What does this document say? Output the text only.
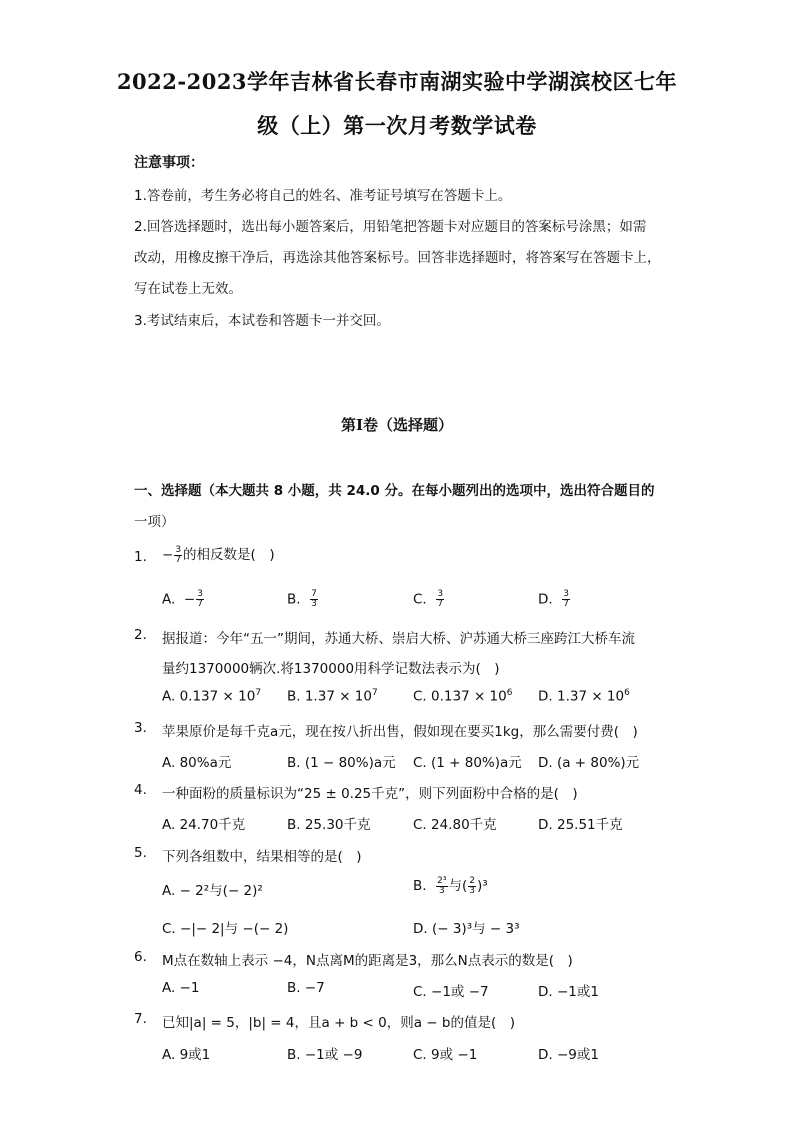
2022-2023学年吉林省长春市南湖实验中学湖滨校区七年
级（上）第一次月考数学试卷
注意事项：
1.答卷前，考生务必将自己的姓名、准考证号填写在答题卡上。
2.回答选择题时，选出每小题答案后，用铅笔把答题卡对应题目的答案标号涂黑；如需
改动，用橡皮擦干净后，再选涂其他答案标号。回答非选择题时，将答案写在答题卡上，
写在试卷上无效。
3.考试结束后，本试卷和答题卡一并交回。
第I卷（选择题）
一、选择题（本大题共 8 小题，共 24.0 分。在每小题列出的选项中，选出符合题目的
一项）
1. − $\frac{3}{7}$ 的相反数是(　)
A. − $\frac{3}{7}$	B. $\frac{7}{3}$	C. $\frac{3}{7}$	D. $\frac{3}{7}$
2. 据报道：今年“五一”期间，苏通大桥、崇启大桥、沪苏通大桥三座跨江大桥车流
量约1370000辆次.将1370000用科学记数法表示为(　)
A. $0.137 \times 10^7$ B. $1.37 \times 10^7$	C. $0.137 \times 10^6$ D. $1.37 \times 10^6$
3. 苹果原价是每千克a元，现在按八折出售，假如现在要买1kg，那么需要付费(　)
A. 80%a元	B. (1 − 80%)a元 C. (1 + 80%)a元 D. (a + 80%)元
4. 一种面粉的质量标识为“25 ± 0.25千克”，则下列面粉中合格的是(　)
A. 24.70千克	B. 25.30千克	C. 24.80千克	D. 25.51千克
5. 下列各组数中，结果相等的是(　)
A. − 2²与(− 2)²	B. $\frac{\text{2³}}{3}$ 与( $\frac{2}{3} )^3$
C. −|− 2|与 −(− 2)	D. (− 3)³与 − 3³
6. M点在数轴上表示 −4，N点离M的距离是3，那么N点表示的数是(　)
A. −1	B. −7	C. −1或 −7	D. −1或1
7. 已知|a| = 5，|b| = 4，且a + b < 0，则a − b的值是(　)
A. 9或1	B. −1或 −9	C. 9或 −1	D. −9或1
